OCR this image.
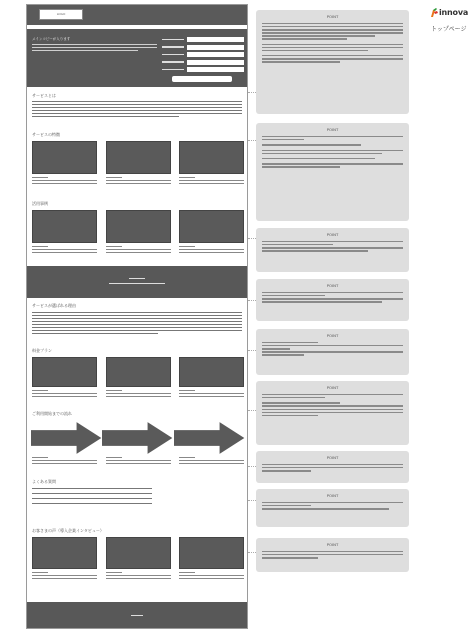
LOGO
メインコピーが入ります
サービスとは
サービスの特徴
活用事例
サービスが選ばれる理由
料金プラン
ご利用開始までの流れ
よくある質問
お客さまの声（導入企業インタビュー）
POINT
POINT
POINT
POINT
POINT
POINT
POINT
POINT
POINT
innova
トップページ
